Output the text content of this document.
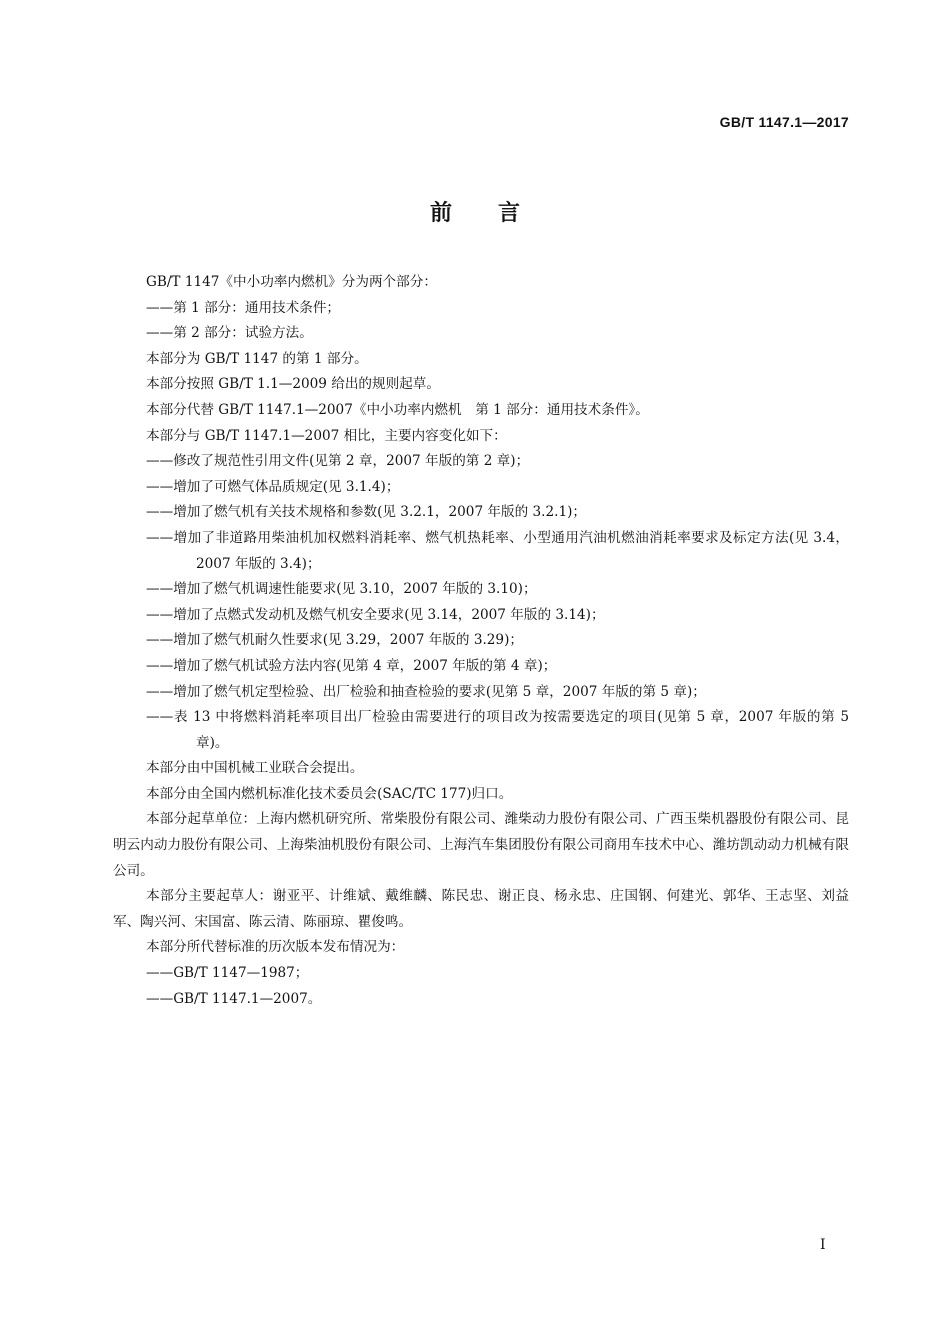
GB/T 1147.1—2017
前言

GB/T 1147《中小功率内燃机》分为两个部分：

——第 1 部分：通用技术条件；

——第 2 部分：试验方法。

本部分为 GB/T 1147 的第 1 部分。

本部分按照 GB/T 1.1—2009 给出的规则起草。

本部分代替 GB/T 1147.1—2007《中小功率内燃机　第 1 部分：通用技术条件》。

本部分与 GB/T 1147.1—2007 相比，主要内容变化如下：

——修改了规范性引用文件(见第 2 章，2007 年版的第 2 章)；

——增加了可燃气体品质规定(见 3.1.4)；

——增加了燃气机有关技术规格和参数(见 3.2.1，2007 年版的 3.2.1)；

——增加了非道路用柴油机加权燃料消耗率、燃气机热耗率、小型通用汽油机燃油消耗率要求及标定方法(见 3.4，2007 年版的 3.4)；

——增加了燃气机调速性能要求(见 3.10，2007 年版的 3.10)；

——增加了点燃式发动机及燃气机安全要求(见 3.14，2007 年版的 3.14)；

——增加了燃气机耐久性要求(见 3.29，2007 年版的 3.29)；

——增加了燃气机试验方法内容(见第 4 章，2007 年版的第 4 章)；

——增加了燃气机定型检验、出厂检验和抽查检验的要求(见第 5 章，2007 年版的第 5 章)；

——表 13 中将燃料消耗率项目出厂检验由需要进行的项目改为按需要选定的项目(见第 5 章，2007 年版的第 5 章)。

本部分由中国机械工业联合会提出。

本部分由全国内燃机标准化技术委员会(SAC/TC 177)归口。

本部分起草单位：上海内燃机研究所、常柴股份有限公司、潍柴动力股份有限公司、广西玉柴机器股份有限公司、昆明云内动力股份有限公司、上海柴油机股份有限公司、上海汽车集团股份有限公司商用车技术中心、潍坊凯动动力机械有限公司。

本部分主要起草人：谢亚平、计维斌、戴维麟、陈民忠、谢正良、杨永忠、庄国钢、何建光、郭华、王志坚、刘益军、陶兴河、宋国富、陈云清、陈丽琼、瞿俊鸣。

本部分所代替标准的历次版本发布情况为：

——GB/T 1147—1987；

——GB/T 1147.1—2007。

I
